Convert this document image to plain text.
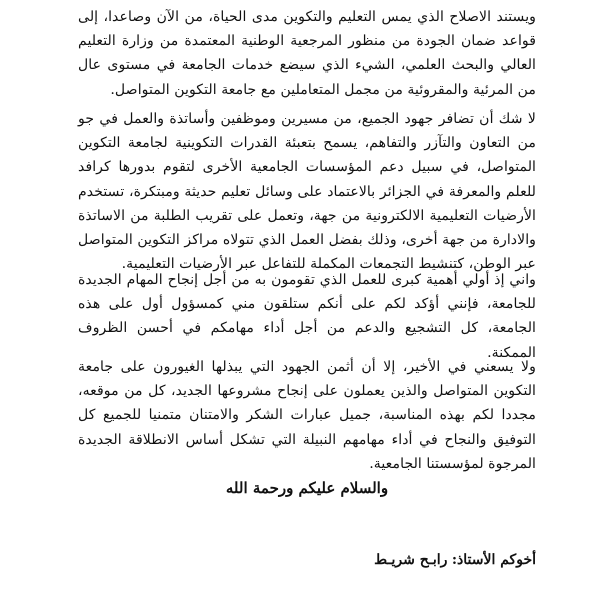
ويستند الاصلاح الذي يمس التعليم والتكوين مدى الحياة، من الآن وصاعدا، إلى قواعد ضمان الجودة من منظور المرجعية الوطنية المعتمدة من وزارة التعليم العالي والبحث العلمي، الشيء الذي سيضع خدمات الجامعة في مستوى عال من المرئية والمقروئية من مجمل المتعاملين مع جامعة التكوين المتواصل.

لا شك أن تضافر جهود الجميع، من مسيرين وموظفين وأساتذة والعمل في جو من التعاون والتآزر والتفاهم، يسمح بتعبئة القدرات التكوينية لجامعة التكوين المتواصل، في سبيل دعم المؤسسات الجامعية الأخرى لتقوم بدورها كرافد للعلم والمعرفة في الجزائر بالاعتماد على وسائل تعليم حديثة ومبتكرة، تستخدم الأرضيات التعليمية الالكترونية من جهة، وتعمل على تقريب الطلبة من الاساتذة والادارة من جهة أخرى، وذلك بفضل العمل الذي تتولاه مراكز التكوين المتواصل عبر الوطن، كتنشيط التجمعات المكملة للتفاعل عبر الأرضيات التعليمية.

واني إذ أولي أهمية كبرى للعمل الذي تقومون به من أجل إنجاح المهام الجديدة للجامعة، فإنني أؤكد لكم على أنكم ستلقون مني كمسؤول أول على هذه الجامعة، كل التشجيع والدعم من أجل أداء مهامكم في أحسن الظروف الممكنة.

ولا يسعني في الأخير، إلا أن أثمن الجهود التي يبذلها الغيورون على جامعة التكوين المتواصل والذين يعملون على إنجاح مشروعها الجديد، كل من موقعه، مجددا لكم بهذه المناسبة، جميل عبارات الشكر والامتنان متمنيا للجميع كل التوفيق والنجاح في أداء مهامهم النبيلة التي تشكل أساس الانطلاقة الجديدة المرجوة لمؤسستنا الجامعية.

والسلام عليكم ورحمة الله

أخوكم الأستاذ: رابـح شريـط
